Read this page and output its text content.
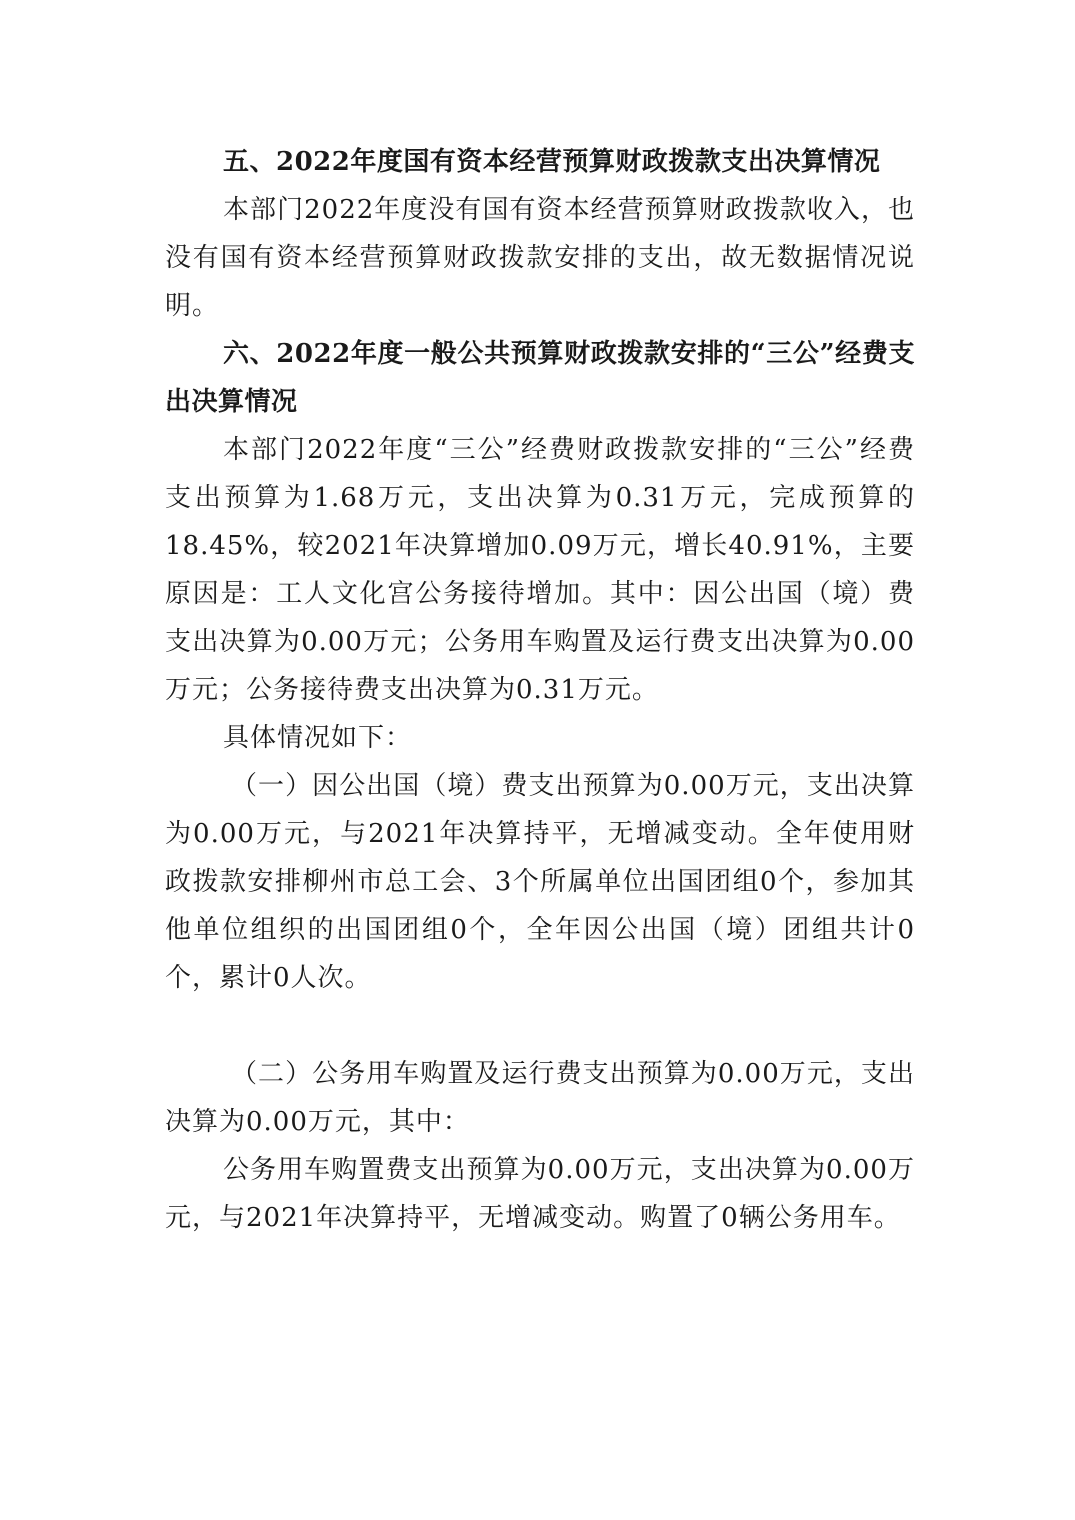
五、2022年度国有资本经营预算财政拨款支出决算情况

本部门2022年度没有国有资本经营预算财政拨款收入，也没有国有资本经营预算财政拨款安排的支出，故无数据情况说明。

六、2022年度一般公共预算财政拨款安排的“三公”经费支出决算情况

本部门2022年度“三公”经费财政拨款安排的“三公”经费支出预算为1.68万元，支出决算为0.31万元，完成预算的18.45%，较2021年决算增加0.09万元，增长40.91%，主要原因是：工人文化宫公务接待增加。其中：因公出国（境）费支出决算为0.00万元；公务用车购置及运行费支出决算为0.00万元；公务接待费支出决算为0.31万元。

具体情况如下：

（一）因公出国（境）费支出预算为0.00万元，支出决算为0.00万元，与2021年决算持平，无增减变动。全年使用财政拨款安排柳州市总工会、3个所属单位出国团组0个，参加其他单位组织的出国团组0个，全年因公出国（境）团组共计0个，累计0人次。

（二）公务用车购置及运行费支出预算为0.00万元，支出决算为0.00万元，其中：

公务用车购置费支出预算为0.00万元，支出决算为0.00万元，与2021年决算持平，无增减变动。购置了0辆公务用车。
